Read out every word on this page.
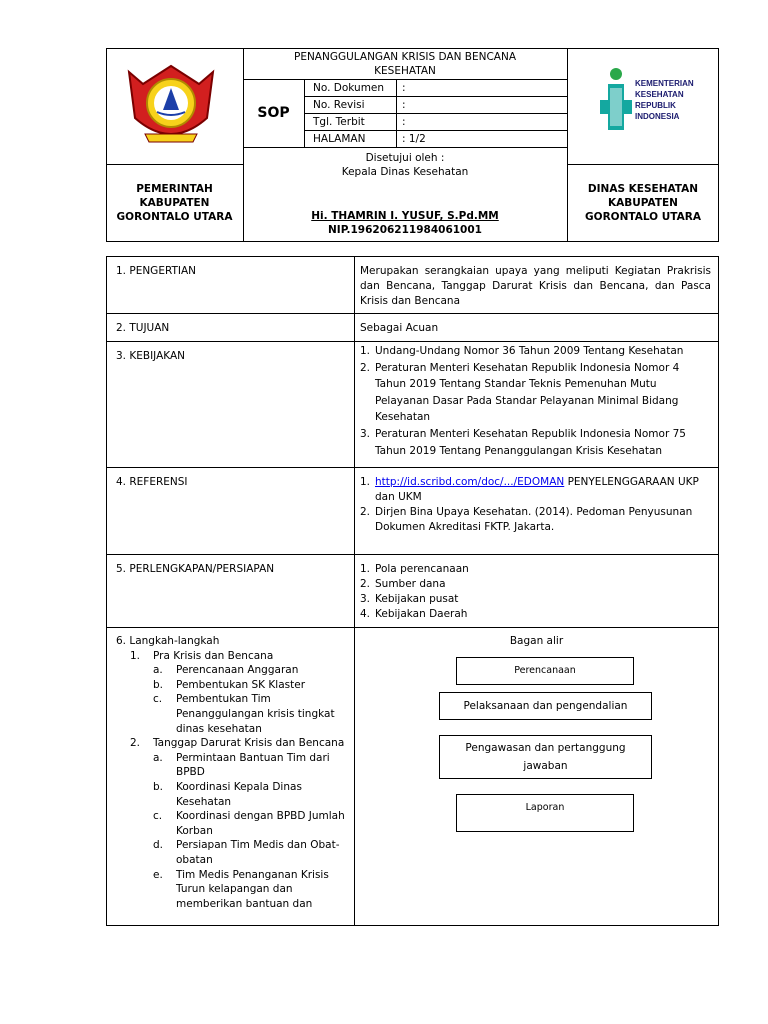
PEMERINTAH
KABUPATEN
GORONTALO UTARA
PENANGGULANGAN KRISIS DAN BENCANA
KESEHATAN
SOP
No. Dokumen :
No. Revisi	:
Tgl. Terbit	:
HALAMAN	: 1/2
Disetujui oleh :
Kepala Dinas Kesehatan
Hi. THAMRIN I. YUSUF, S.Pd.MM
NIP.196206211984061001
KEMENTERIAN
KESEHATAN
REPUBLIK
INDONESIA
DINAS KESEHATAN
KABUPATEN
GORONTALO UTARA
1. PENGERTIAN	Merupakan serangkaian upaya yang meliputi Kegiatan Prakrisis dan Bencana, Tanggap Darurat Krisis dan Bencana, dan Pasca Krisis dan Bencana
2. TUJUAN	Sebagai Acuan
3. KEBIJAKAN	1. Undang-Undang Nomor 36 Tahun 2009 Tentang Kesehatan
2. Peraturan Menteri Kesehatan Republik Indonesia Nomor 4 Tahun 2019 Tentang Standar Teknis Pemenuhan Mutu Pelayanan Dasar Pada Standar Pelayanan Minimal Bidang Kesehatan
3. Peraturan Menteri Kesehatan Republik Indonesia Nomor 75 Tahun 2019 Tentang Penanggulangan Krisis Kesehatan
4. REFERENSI	1. http://id.scribd.com/doc/.../EDOMAN PENYELENGGARAAN UKP dan UKM
2. Dirjen Bina Upaya Kesehatan. (2014). Pedoman Penyusunan Dokumen Akreditasi FKTP. Jakarta.
5. PERLENGKAPAN/PERSIAPAN	1. Pola perencanaan
2. Sumber dana
3. Kebijakan pusat
4. Kebijakan Daerah
6. Langkah-langkah
1.	Pra Krisis dan Bencana
a.	Perencanaan Anggaran
b.	Pembentukan SK Klaster
c.	Pembentukan Tim Penanggulangan krisis tingkat dinas kesehatan
2.	Tanggap Darurat Krisis dan Bencana
a.	Permintaan Bantuan Tim dari BPBD
b.	Koordinasi Kepala Dinas Kesehatan
c.	Koordinasi dengan BPBD Jumlah Korban
d.	Persiapan Tim Medis dan Obat-obatan
e.	Tim Medis Penanganan Krisis Turun kelapangan dan memberikan bantuan dan
Bagan alir
Perencanaan
Pelaksanaan dan pengendalian
Pengawasan dan pertanggung jawaban
Laporan
